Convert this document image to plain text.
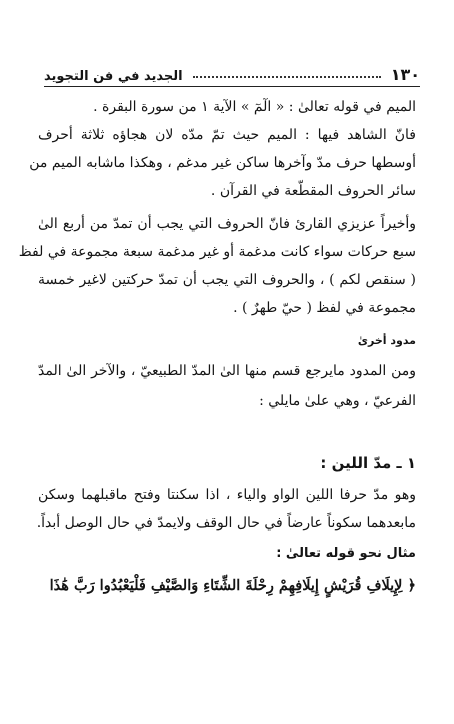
الجديد في فن التجويد	١٣٠
الميم في قوله تعالىٰ : « الٓمٓ » الآية ١ من سورة البقرة .
فانّ الشاهد فيها : الميم حيث تمّ مدّه لان هجاؤه ثلاثة أحرف
أوسطها حرف مدّ وآخرها ساكن غير مدغم ، وهكذا ماشابه الميم من
سائر الحروف المقطّعة في القرآن .
وأخيراً عزيزي القارئ فانّ الحروف التي يجب أن تمدّ من أربع الىٰ
سبع حركات سواء كانت مدغمة أو غير مدغمة سبعة مجموعة في لفظ
( سنقص لكم ) ، والحروف التي يجب أن تمدّ حركتين لاغير خمسة
مجموعة في لفظ ( حيّ طهرٌ ) .
مدود أخرىٰ
ومن المدود مايرجع قسم منها الىٰ المدّ الطبيعيّ ، والآخر الىٰ المدّ
الفرعيّ ، وهي علىٰ مايلي :
١ ـ مدّ اللين :
وهو مدّ حرفا اللين الواو والياء ، اذا سكنتا وفتح ماقبلهما وسكن
مابعدهما سكوناً عارضاً في حال الوقف ولايمدّ في حال الوصل أبداً.
مثال نحو قوله تعالىٰ :
﴿ لِإِيلَافِ قُرَيْشٍ إِيلَافِهِمْ رِحْلَةَ الشِّتَاءِ وَالصَّيْفِ فَلْيَعْبُدُوا رَبَّ هَٰذَا
